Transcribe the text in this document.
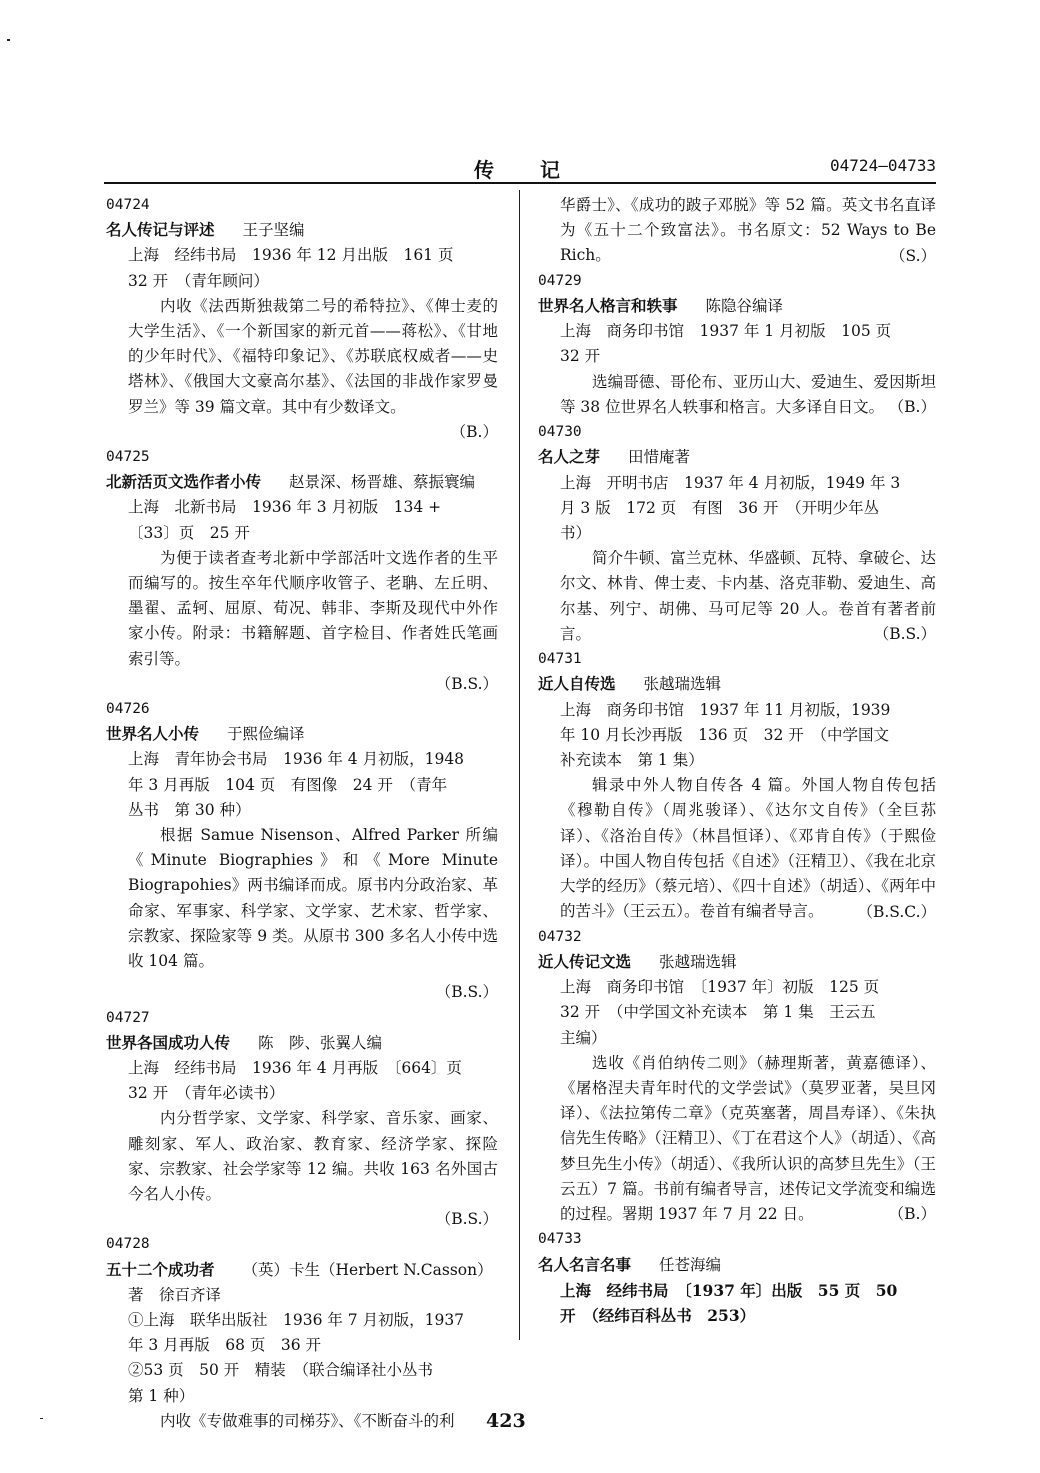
传记	04724—04733
04724
名人传记与评述 王子坚编
上海　经纬书局　1936 年 12 月出版　161 页
32 开　（青年顾问）
内收《法西斯独裁第二号的希特拉》、《俾士麦的大学生活》、《一个新国家的新元首——蒋松》、《甘地的少年时代》、《福特印象记》、《苏联底权威者——史塔林》、《俄国大文豪高尔基》、《法国的非战作家罗曼罗兰》等 39 篇文章。其中有少数译文。
（B.）
04725
北新活页文选作者小传 赵景深、杨晋雄、蔡振寰编
上海　北新书局　1936 年 3 月初版　134 +
〔33〕页　25 开
为便于读者查考北新中学部活叶文选作者的生平而编写的。按生卒年代顺序收管子、老聃、左丘明、墨翟、孟轲、屈原、荀况、韩非、李斯及现代中外作家小传。附录：书籍解题、首字检目、作者姓氏笔画索引等。
（B.S.）
04726
世界名人小传 于熙俭编译
上海　青年协会书局　1936 年 4 月初版，1948
年 3 月再版　104 页　有图像　24 开　（青年
丛书　第 30 种）
根据 Samue Nisenson、Alfred Parker 所编《Minute Biographies》和《More Minute Biograpohies》两书编译而成。原书内分政治家、革命家、军事家、科学家、文学家、艺术家、哲学家、宗教家、探险家等 9 类。从原书 300 多名人小传中选收 104 篇。
（B.S.）
04727
世界各国成功人传 陈　陟、张翼人编
上海　经纬书局　1936 年 4 月再版　〔664〕页
32 开　（青年必读书）
内分哲学家、文学家、科学家、音乐家、画家、雕刻家、军人、政治家、教育家、经济学家、探险家、宗教家、社会学家等 12 编。共收 163 名外国古今名人小传。
（B.S.）
04728
五十二个成功者 （英）卡生（Herbert N.Casson）著　徐百齐译
①上海　联华出版社　1936 年 7 月初版，1937
年 3 月再版　68 页　36 开
②53 页　50 开　精装　（联合编译社小丛书
第 1 种）
内收《专做难事的司梯芬》、《不断奋斗的利
华爵士》、《成功的跛子邓脱》等 52 篇。英文书名直译为《五十二个致富法》。书名原文：52 Ways to Be Rich。	（S.）
04729
世界名人格言和轶事 陈隐谷编译
上海　商务印书馆　1937 年 1 月初版　105 页
32 开
选编哥德、哥伦布、亚历山大、爱迪生、爱因斯坦等 38 位世界名人轶事和格言。大多译自日文。 （B.）
04730
名人之芽 田惜庵著
上海　开明书店　1937 年 4 月初版，1949 年 3
月 3 版　172 页　有图　36 开　（开明少年丛
书）
简介牛顿、富兰克林、华盛顿、瓦特、拿破仑、达尔文、林肯、俾士麦、卡内基、洛克菲勒、爱迪生、高尔基、列宁、胡佛、马可尼等 20 人。卷首有著者前言。	（B.S.）
04731
近人自传选 张越瑞选辑
上海　商务印书馆　1937 年 11 月初版，1939
年 10 月长沙再版　136 页　32 开　（中学国文
补充读本　第 1 集）
辑录中外人物自传各 4 篇。外国人物自传包括《穆勒自传》（周兆骏译）、《达尔文自传》（全巨荪译）、《洛治自传》（林昌恒译）、《邓肯自传》（于熙俭译）。中国人物自传包括《自述》（汪精卫）、《我在北京大学的经历》（蔡元培）、《四十自述》（胡适）、《两年中的苦斗》（王云五）。卷首有编者导言。	（B.S.C.）
04732
近人传记文选 张越瑞选辑
上海　商务印书馆　〔1937 年〕初版　125 页
32 开　（中学国文补充读本　第 1 集　王云五
主编）
选收《肖伯纳传二则》（赫理斯著，黄嘉德译）、《屠格涅夫青年时代的文学尝试》（莫罗亚著，吴旦冈译）、《法拉第传二章》（克英塞著，周昌寿译）、《朱执信先生传略》（汪精卫）、《丁在君这个人》（胡适）、《高梦旦先生小传》（胡适）、《我所认识的高梦旦先生》（王云五）7 篇。书前有编者导言，述传记文学流变和编选的过程。署期 1937 年 7 月 22 日。	（B.）
04733
名人名言名事 任苍海编
上海　经纬书局　〔1937 年〕出版　55 页　50
开　（经纬百科丛书　253）
423
